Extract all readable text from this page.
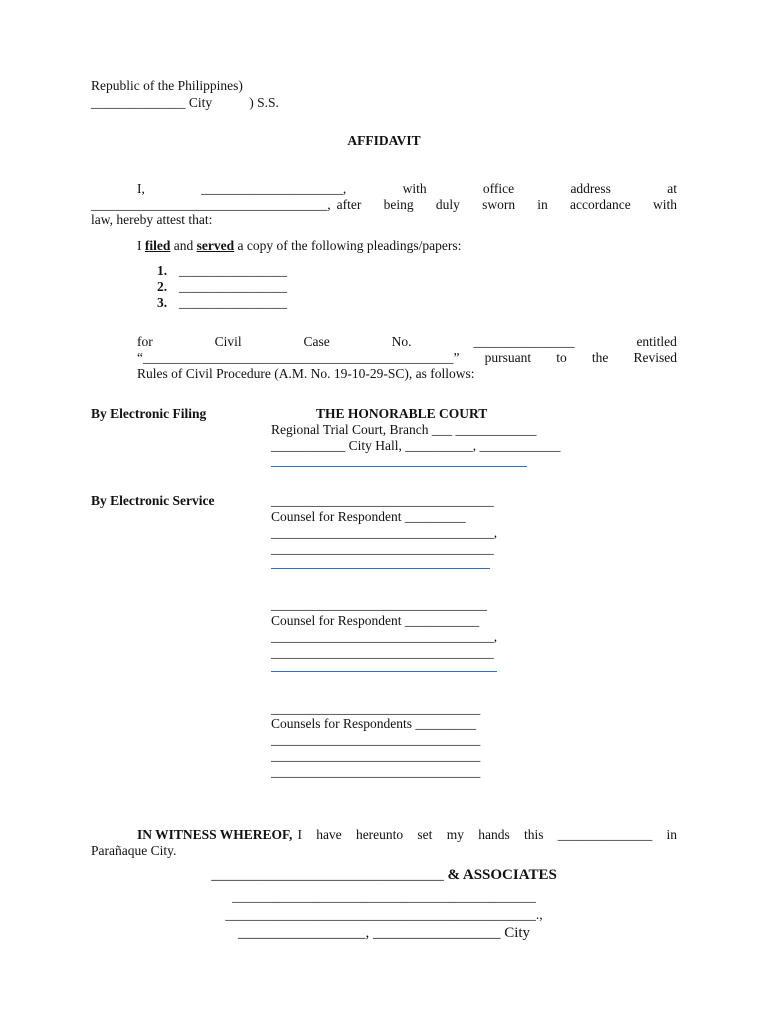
Republic of the Philippines)
______________ City           ) S.S.
AFFIDAVIT
I,	_____________________,	with	office	address	at
___________________________________, after being duly sworn in accordance with
law, hereby attest that:
I filed and served a copy of the following pleadings/papers:
1. ________________
2. ________________
3. ________________
for	Civil	Case	No.	_______________	entitled
“______________________________________________” pursuant to the Revised
Rules of Civil Procedure (A.M. No. 19-10-29-SC), as follows:
By Electronic Filing	THE HONORABLE COURT
Regional Trial Court, Branch ___ ____________
___________ City Hall, __________, ____________
By Electronic Service	_________________________________
Counsel for Respondent _________
_________________________________,
_________________________________
________________________________
Counsel for Respondent ___________
_________________________________,
_________________________________
_______________________________
Counsels for Respondents _________
_______________________________
_______________________________
_______________________________
IN WITNESS WHEREOF, I have hereunto set my hands this ______________ in
Parañaque City.
_______________________________ & ASSOCIATES
_____________________________________________
______________________________________________.,
_________________, _________________ City
